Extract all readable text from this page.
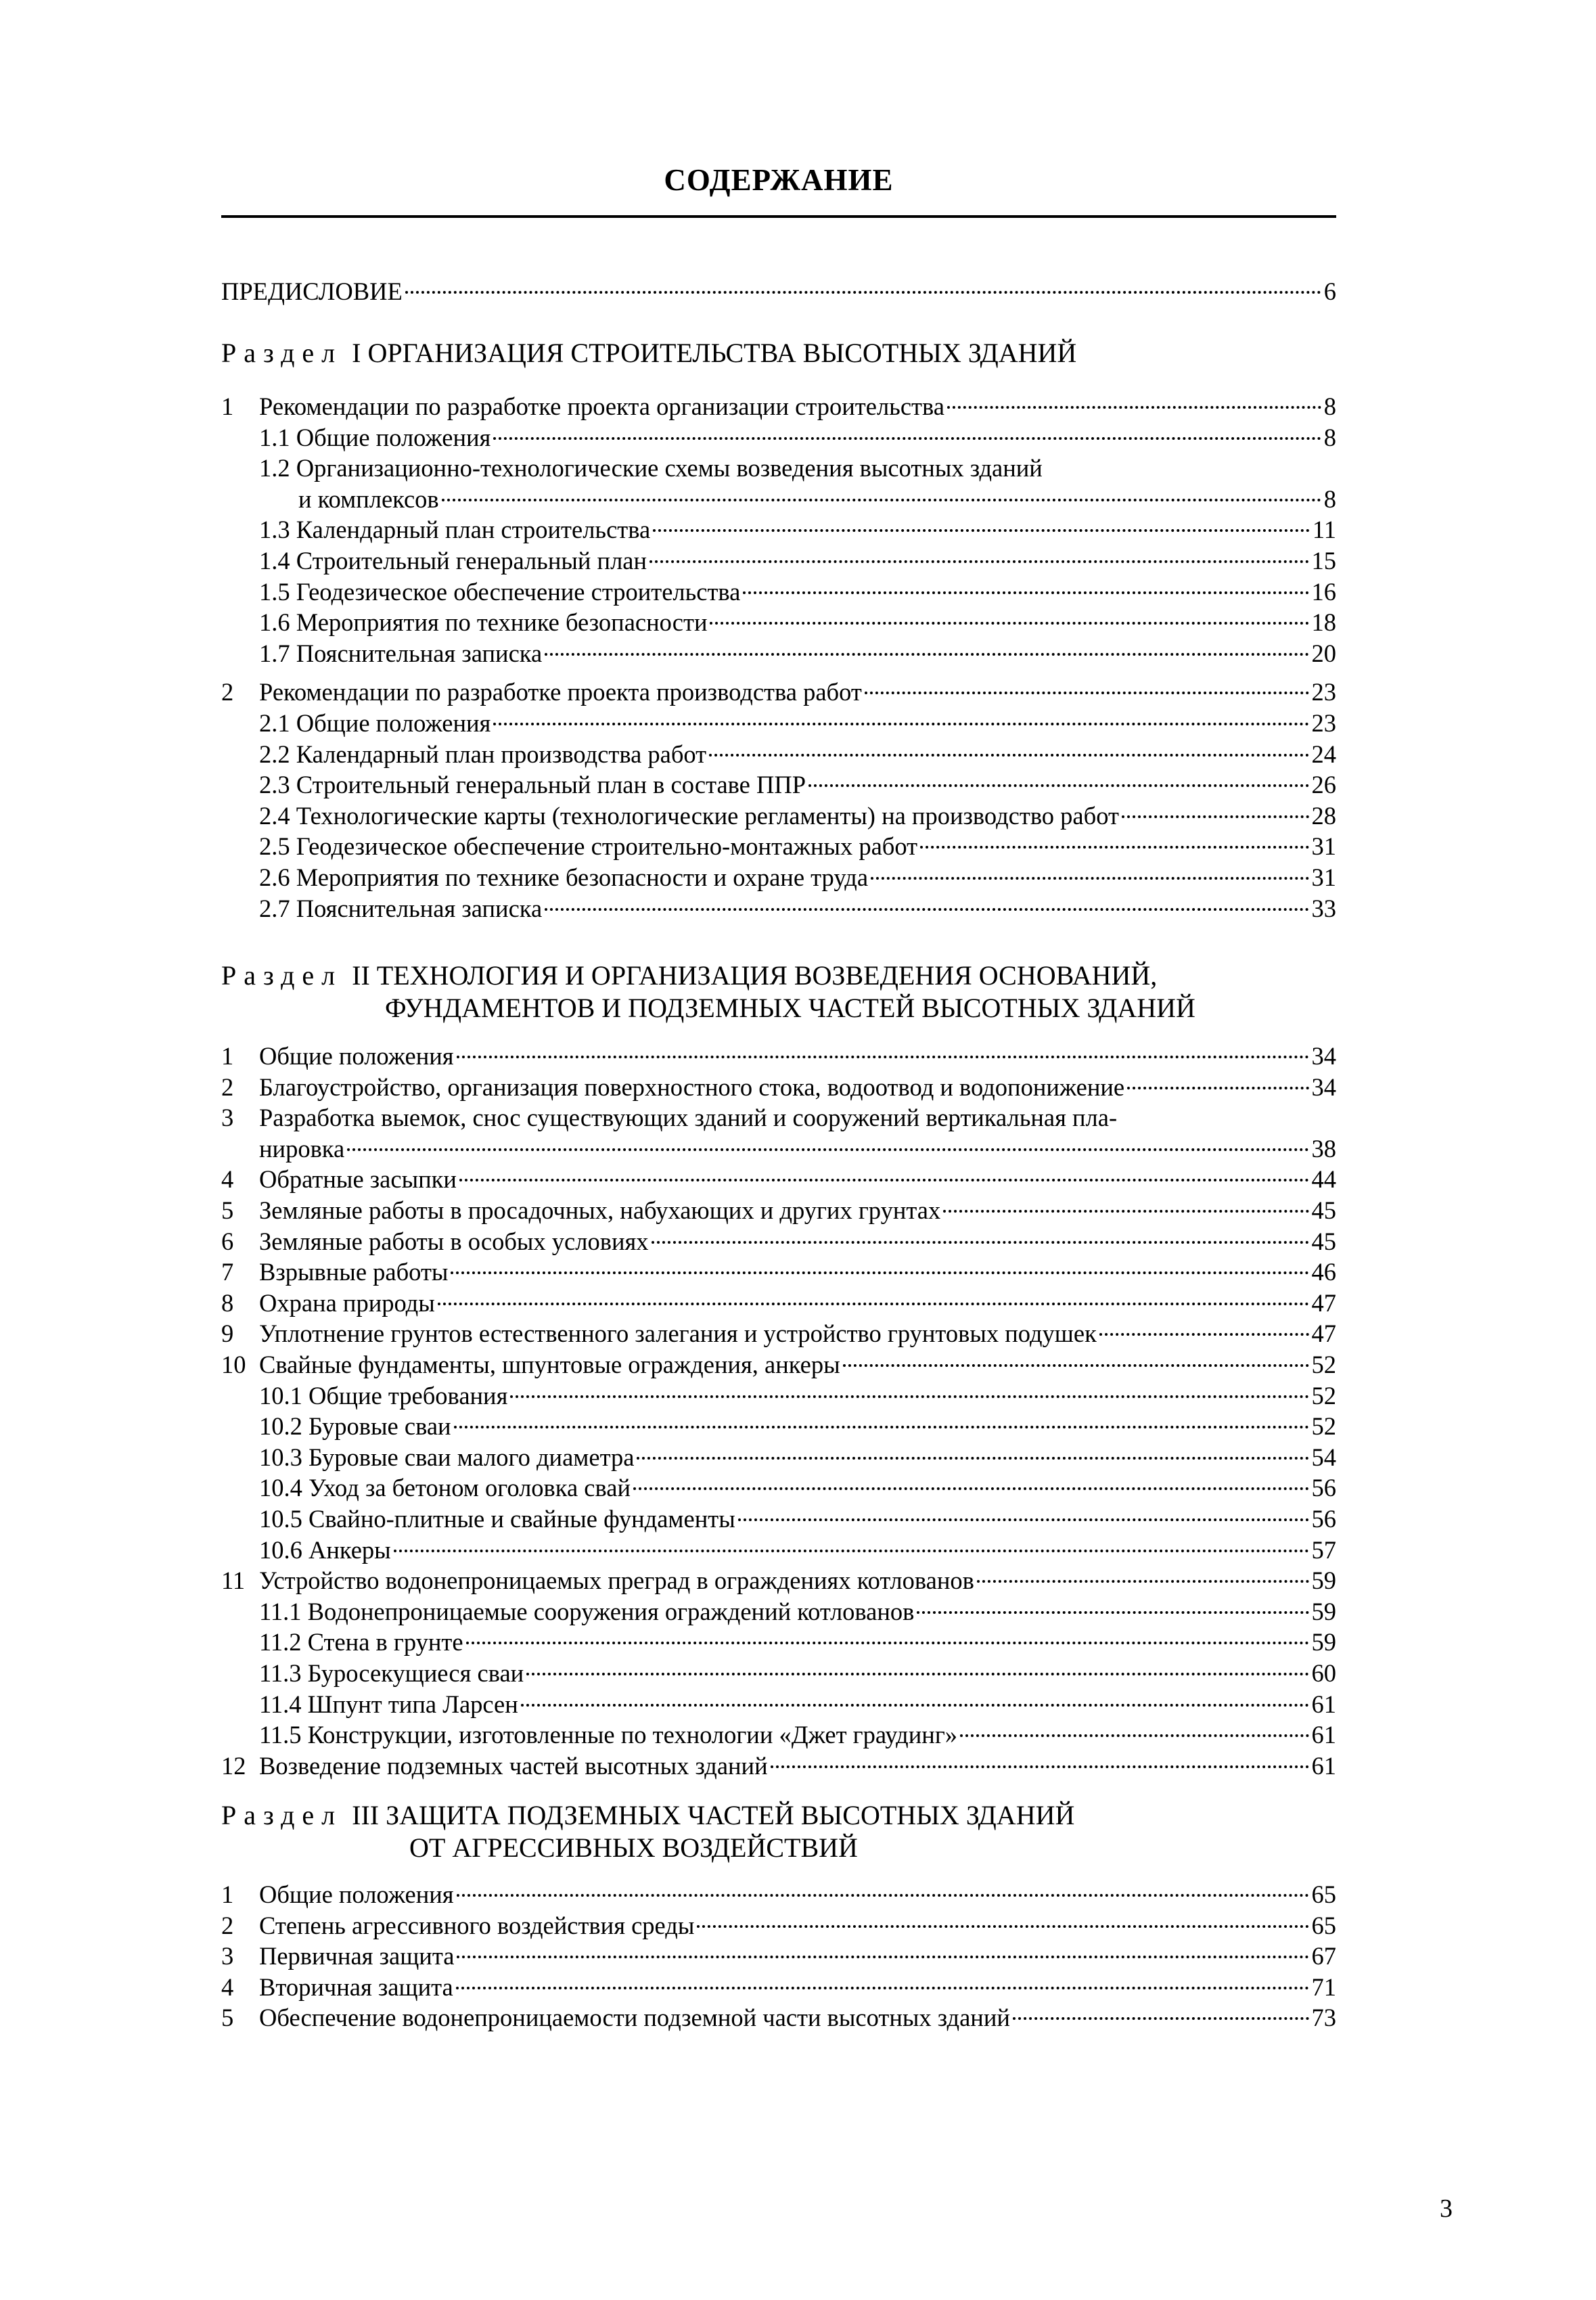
СОДЕРЖАНИЕ
ПРЕДИСЛОВИЕ	6
Раздел I ОРГАНИЗАЦИЯ СТРОИТЕЛЬСТВА ВЫСОТНЫХ ЗДАНИЙ
1	Рекомендации по разработке проекта организации строительства	8
1.1 Общие положения	8
1.2 Организационно-технологические схемы возведения высотных зданий
и комплексов	8
1.3 Календарный план строительства	11
1.4 Строительный генеральный план	15
1.5 Геодезическое обеспечение строительства	16
1.6 Мероприятия по технике безопасности	18
1.7 Пояснительная записка	20
2	Рекомендации по разработке проекта производства работ	23
2.1 Общие положения	23
2.2 Календарный план производства работ	24
2.3 Строительный генеральный план в составе ППР	26
2.4 Технологические карты (технологические регламенты) на производство работ	28
2.5 Геодезическое обеспечение строительно-монтажных работ	31
2.6 Мероприятия по технике безопасности и охране труда	31
2.7 Пояснительная записка	33
Раздел II ТЕХНОЛОГИЯ И ОРГАНИЗАЦИЯ ВОЗВЕДЕНИЯ ОСНОВАНИЙ,
ФУНДАМЕНТОВ И ПОДЗЕМНЫХ ЧАСТЕЙ ВЫСОТНЫХ ЗДАНИЙ
1	Общие положения	34
2	Благоустройство, организация поверхностного стока, водоотвод и водопонижение	34
3	Разработка выемок, снос существующих зданий и сооружений вертикальная пла-
нировка	38
4	Обратные засыпки	44
5	Земляные работы в просадочных, набухающих и других грунтах	45
6	Земляные работы в особых условиях	45
7	Взрывные работы	46
8	Охрана природы	47
9	Уплотнение грунтов естественного залегания и устройство грунтовых подушек	47
10 Свайные фундаменты, шпунтовые ограждения, анкеры	52
10.1 Общие требования	52
10.2 Буровые сваи	52
10.3 Буровые сваи малого диаметра	54
10.4 Уход за бетоном оголовка свай	56
10.5 Свайно-плитные и свайные фундаменты	56
10.6 Анкеры	57
11 Устройство водонепроницаемых преград в ограждениях котлованов	59
11.1 Водонепроницаемые сооружения ограждений котлованов	59
11.2 Стена в грунте	59
11.3 Буросекущиеся сваи	60
11.4 Шпунт типа Ларсен	61
11.5 Конструкции, изготовленные по технологии «Джет граудинг»	61
12 Возведение подземных частей высотных зданий	61
Раздел III ЗАЩИТА ПОДЗЕМНЫХ ЧАСТЕЙ ВЫСОТНЫХ ЗДАНИЙ
ОТ АГРЕССИВНЫХ ВОЗДЕЙСТВИЙ
1	Общие положения	65
2	Степень агрессивного воздействия среды	65
3	Первичная защита	67
4	Вторичная защита	71
5	Обеспечение водонепроницаемости подземной части высотных зданий	73
3
